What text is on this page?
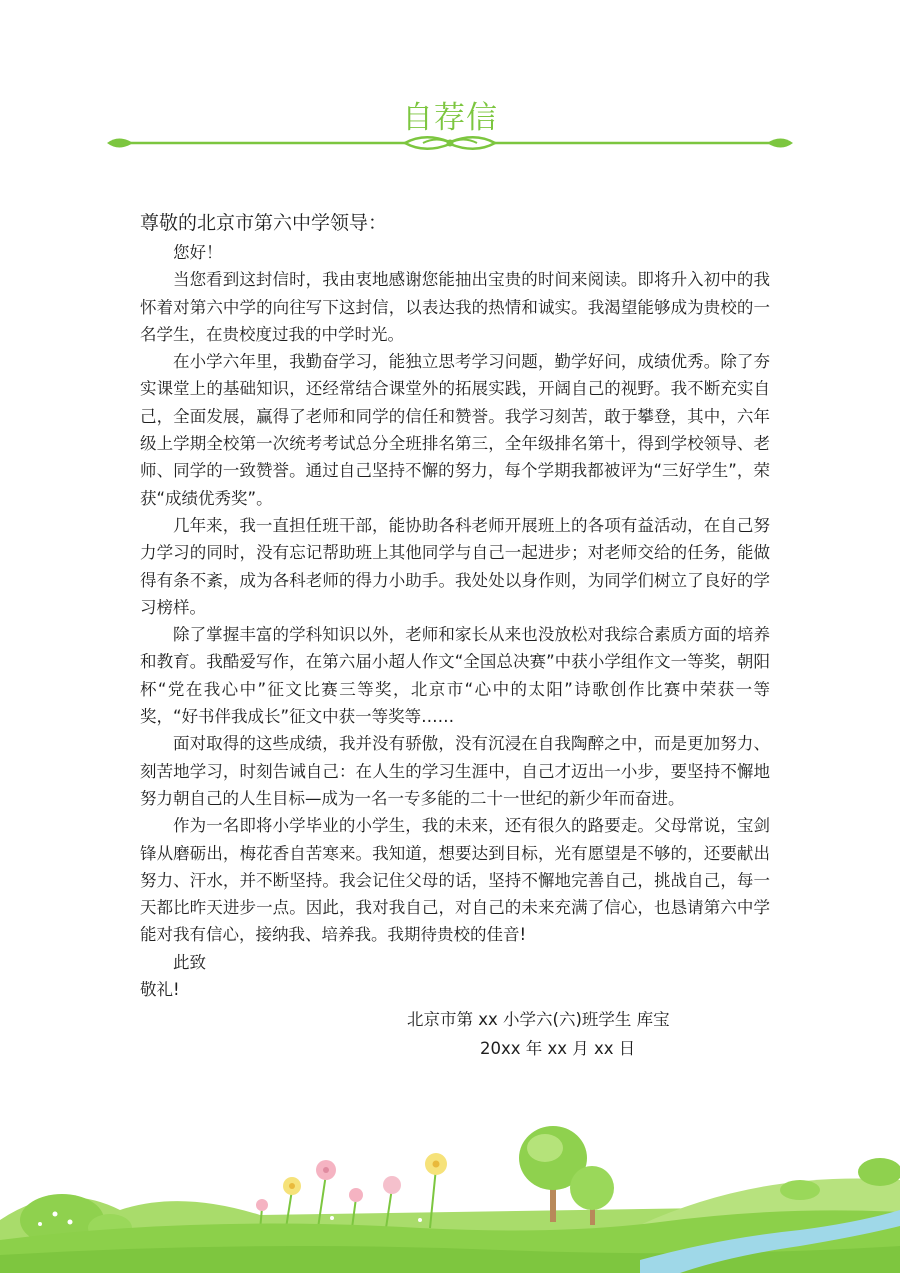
自荐信
尊敬的北京市第六中学领导：

您好！

当您看到这封信时，我由衷地感谢您能抽出宝贵的时间来阅读。即将升入初中的我怀着对第六中学的向往写下这封信，以表达我的热情和诚实。我渴望能够成为贵校的一名学生，在贵校度过我的中学时光。

在小学六年里，我勤奋学习，能独立思考学习问题，勤学好问，成绩优秀。除了夯实课堂上的基础知识，还经常结合课堂外的拓展实践，开阔自己的视野。我不断充实自己，全面发展，赢得了老师和同学的信任和赞誉。我学习刻苦，敢于攀登，其中，六年级上学期全校第一次统考考试总分全班排名第三，全年级排名第十，得到学校领导、老师、同学的一致赞誉。通过自己坚持不懈的努力，每个学期我都被评为“三好学生”，荣获“成绩优秀奖”。

几年来，我一直担任班干部，能协助各科老师开展班上的各项有益活动，在自己努力学习的同时，没有忘记帮助班上其他同学与自己一起进步；对老师交给的任务，能做得有条不紊，成为各科老师的得力小助手。我处处以身作则，为同学们树立了良好的学习榜样。

除了掌握丰富的学科知识以外，老师和家长从来也没放松对我综合素质方面的培养和教育。我酷爱写作，在第六届小超人作文“全国总决赛”中获小学组作文一等奖，朝阳杯“党在我心中”征文比赛三等奖，北京市“心中的太阳”诗歌创作比赛中荣获一等奖，“好书伴我成长”征文中获一等奖等……

面对取得的这些成绩，我并没有骄傲，没有沉浸在自我陶醉之中，而是更加努力、刻苦地学习，时刻告诫自己：在人生的学习生涯中，自己才迈出一小步，要坚持不懈地努力朝自己的人生目标—成为一名一专多能的二十一世纪的新少年而奋进。

作为一名即将小学毕业的小学生，我的未来，还有很久的路要走。父母常说，宝剑锋从磨砺出，梅花香自苦寒来。我知道，想要达到目标，光有愿望是不够的，还要献出努力、汗水，并不断坚持。我会记住父母的话，坚持不懈地完善自己，挑战自己，每一天都比昨天进步一点。因此，我对我自己，对自己的未来充满了信心，也恳请第六中学能对我有信心，接纳我、培养我。我期待贵校的佳音!

此致

敬礼!

北京市第 xx 小学六(六)班学生 库宝
20xx 年 xx 月 xx 日
